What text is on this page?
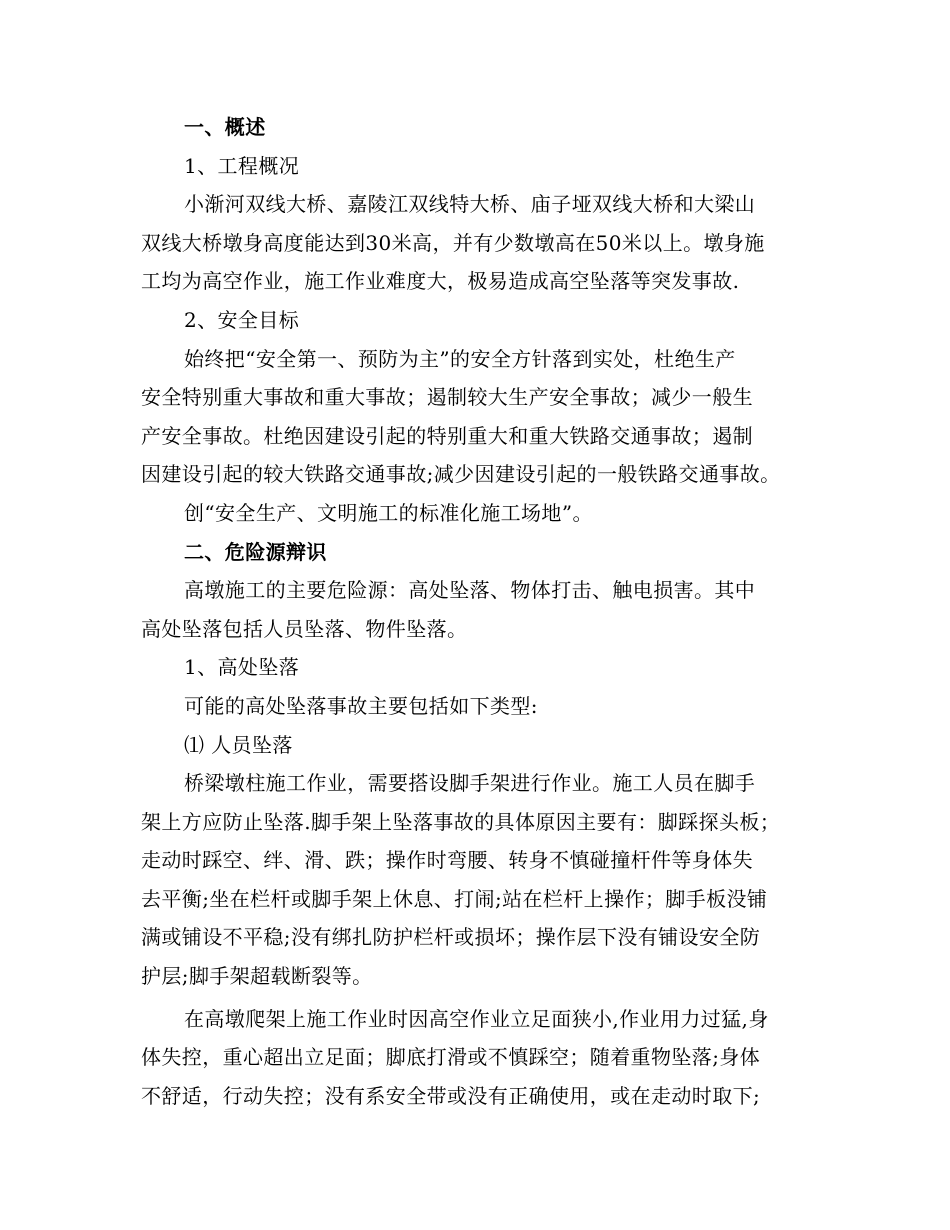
一、概述
1、工程概况
小渐河双线大桥、嘉陵江双线特大桥、庙子垭双线大桥和大梁山
双线大桥墩身高度能达到30米高，并有少数墩高在50米以上。墩身施
工均为高空作业，施工作业难度大，极易造成高空坠落等突发事故.
2、安全目标
始终把“安全第一、预防为主”的安全方针落到实处，杜绝生产
安全特别重大事故和重大事故；遏制较大生产安全事故；减少一般生
产安全事故。杜绝因建设引起的特别重大和重大铁路交通事故；遏制
因建设引起的较大铁路交通事故;减少因建设引起的一般铁路交通事故。
创“安全生产、文明施工的标准化施工场地”。
二、危险源辩识
高墩施工的主要危险源：高处坠落、物体打击、触电损害。其中
高处坠落包括人员坠落、物件坠落。
1、高处坠落
可能的高处坠落事故主要包括如下类型:
⑴ 人员坠落
桥梁墩柱施工作业，需要搭设脚手架进行作业。施工人员在脚手
架上方应防止坠落.脚手架上坠落事故的具体原因主要有：脚踩探头板；
走动时踩空、绊、滑、跌；操作时弯腰、转身不慎碰撞杆件等身体失
去平衡;坐在栏杆或脚手架上休息、打闹;站在栏杆上操作；脚手板没铺
满或铺设不平稳;没有绑扎防护栏杆或损坏；操作层下没有铺设安全防
护层;脚手架超载断裂等。
在高墩爬架上施工作业时因高空作业立足面狭小,作业用力过猛,身
体失控，重心超出立足面；脚底打滑或不慎踩空；随着重物坠落;身体
不舒适，行动失控；没有系安全带或没有正确使用，或在走动时取下;
